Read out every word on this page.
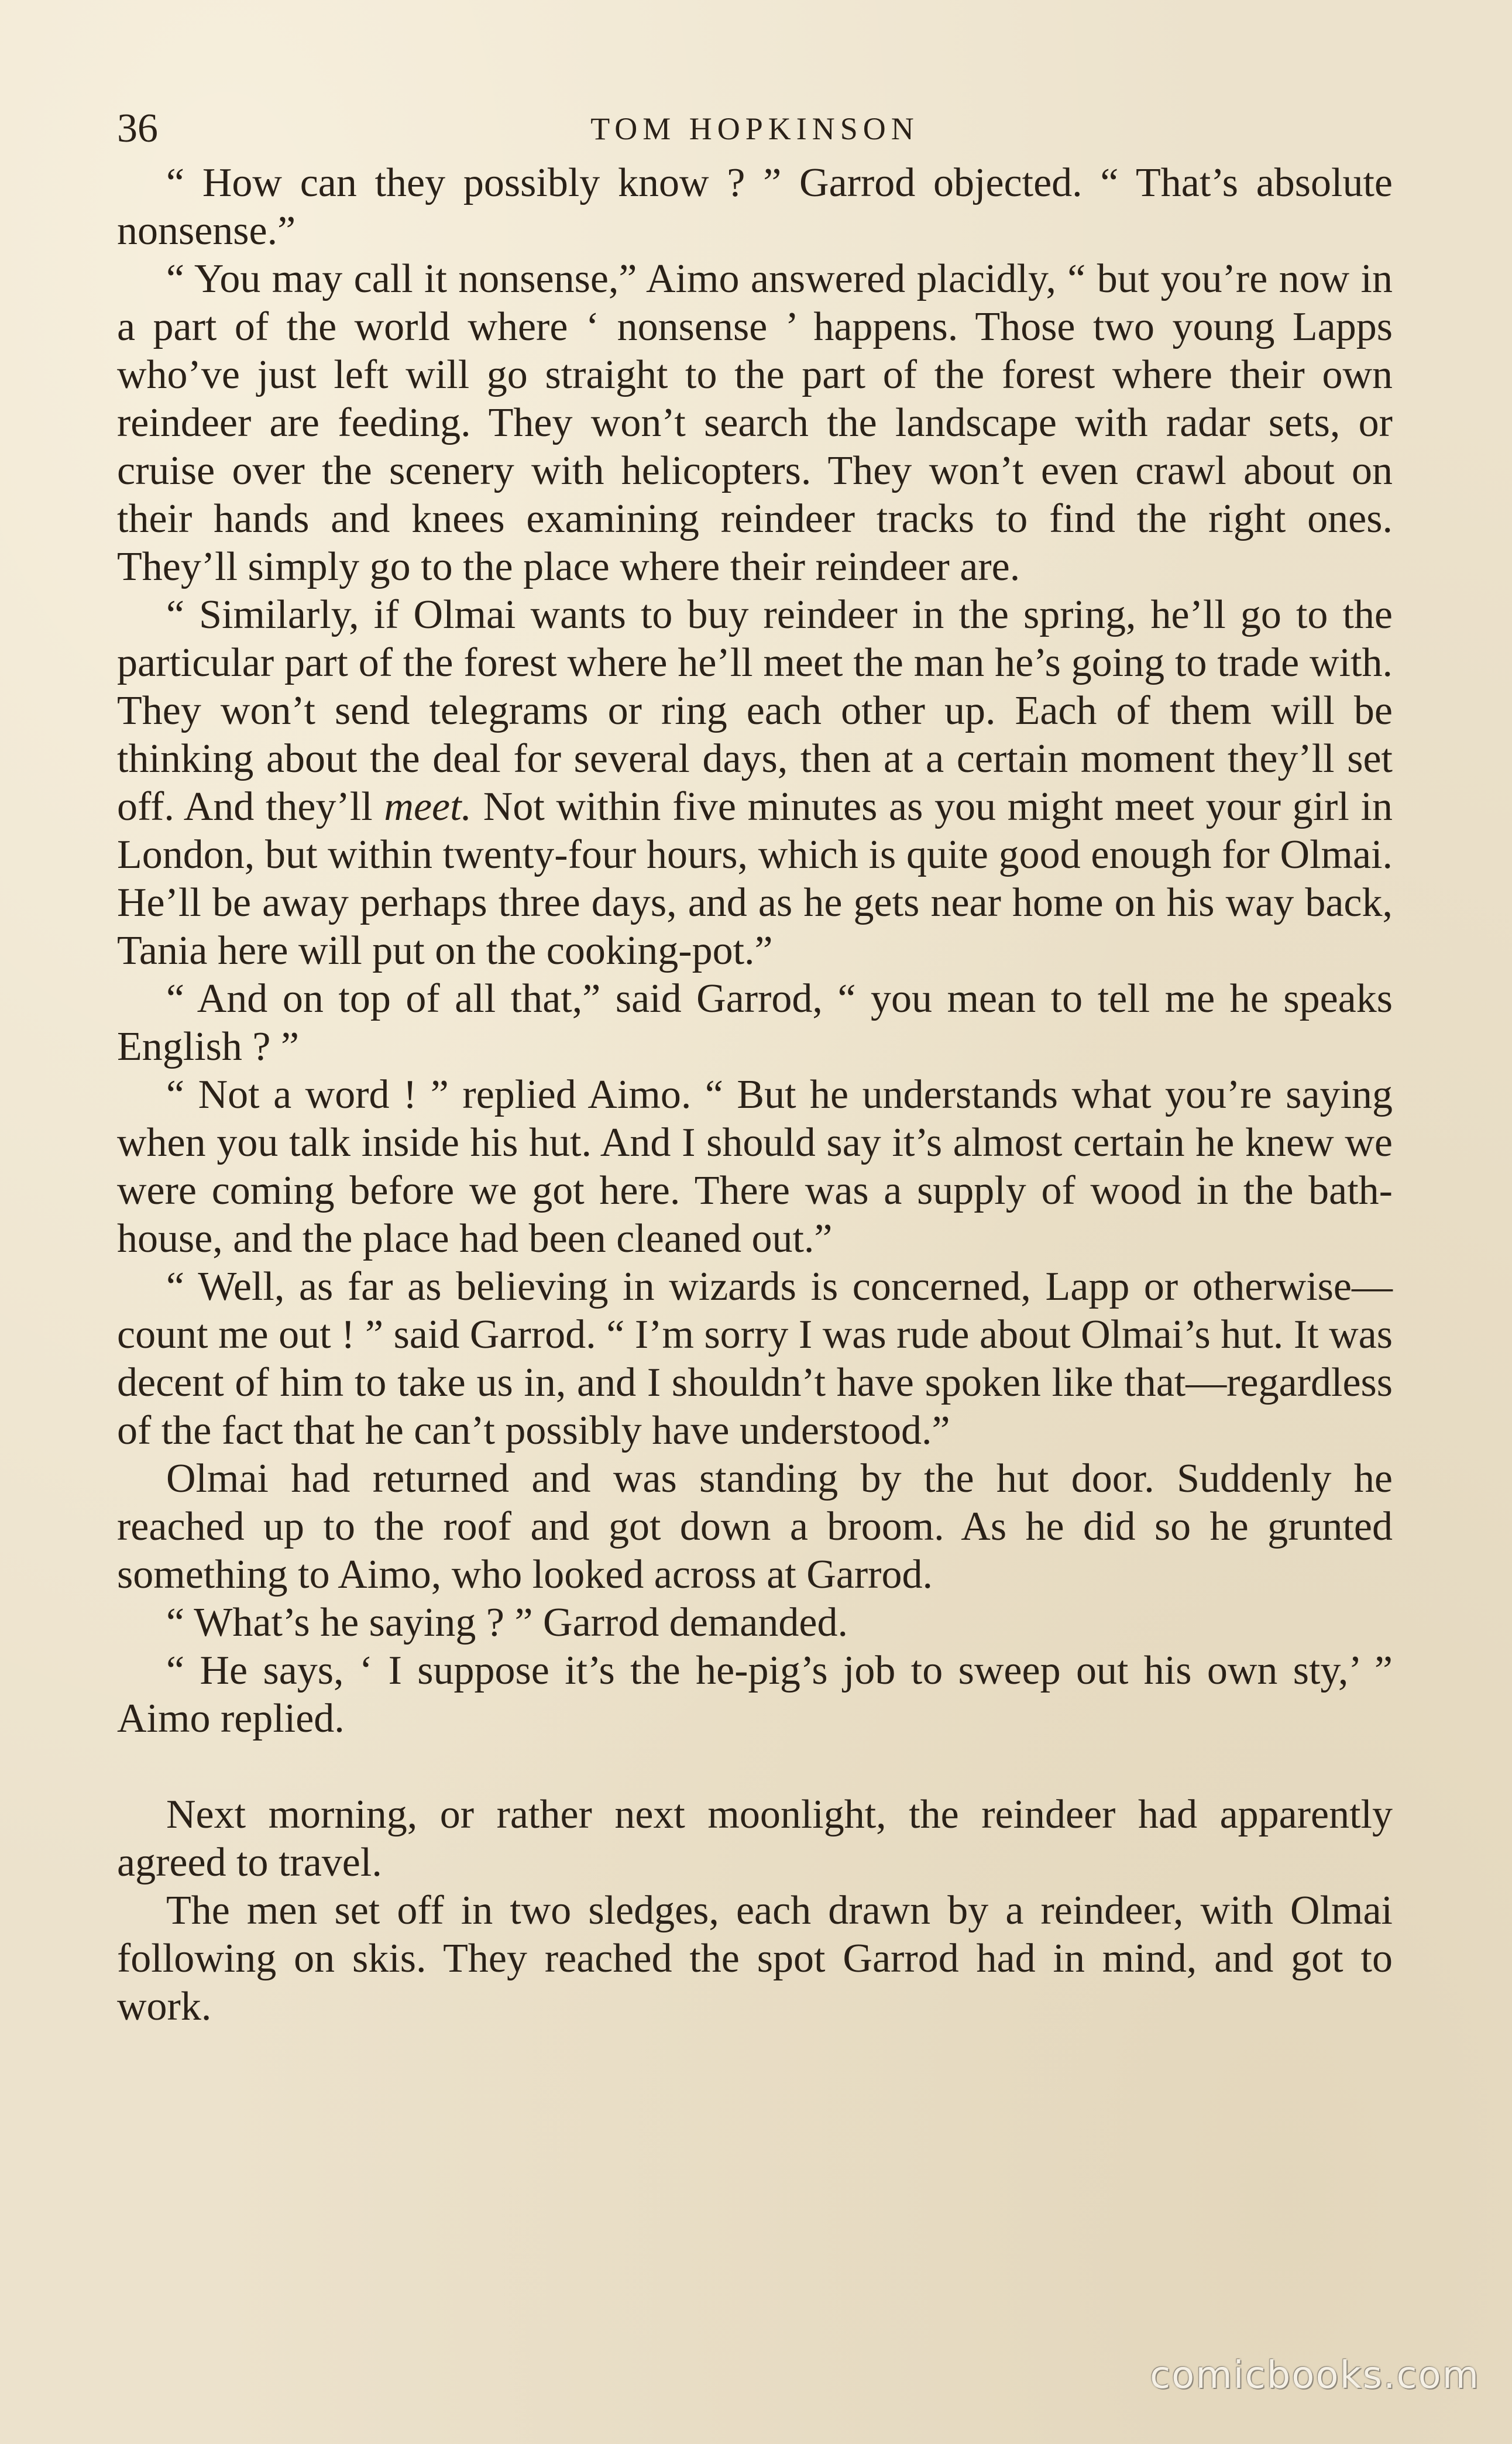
36	TOM HOPKINSON

“ How can they possibly know ? ” Garrod objected. “ That’s absolute nonsense.”

“ You may call it nonsense,” Aimo answered placidly, “ but you’re now in a part of the world where ‘ nonsense ’ happens. Those two young Lapps who’ve just left will go straight to the part of the forest where their own reindeer are feeding. They won’t search the landscape with radar sets, or cruise over the scenery with helicopters. They won’t even crawl about on their hands and knees examining reindeer tracks to find the right ones. They’ll simply go to the place where their reindeer are.

“ Similarly, if Olmai wants to buy reindeer in the spring, he’ll go to the particular part of the forest where he’ll meet the man he’s going to trade with. They won’t send telegrams or ring each other up. Each of them will be thinking about the deal for several days, then at a certain moment they’ll set off. And they’ll meet. Not within five minutes as you might meet your girl in London, but within twenty-four hours, which is quite good enough for Olmai. He’ll be away perhaps three days, and as he gets near home on his way back, Tania here will put on the cooking-pot.”

“ And on top of all that,” said Garrod, “ you mean to tell me he speaks English ? ”

“ Not a word ! ” replied Aimo. “ But he understands what you’re saying when you talk inside his hut. And I should say it’s almost certain he knew we were coming before we got here. There was a supply of wood in the bath-house, and the place had been cleaned out.”

“ Well, as far as believing in wizards is concerned, Lapp or otherwise—count me out ! ” said Garrod. “ I’m sorry I was rude about Olmai’s hut. It was decent of him to take us in, and I shouldn’t have spoken like that—regardless of the fact that he can’t possibly have understood.”

Olmai had returned and was standing by the hut door. Suddenly he reached up to the roof and got down a broom. As he did so he grunted something to Aimo, who looked across at Garrod.

“ What’s he saying ? ” Garrod demanded.

“ He says, ‘ I suppose it’s the he-pig’s job to sweep out his own sty,’ ” Aimo replied.

Next morning, or rather next moonlight, the reindeer had apparently agreed to travel.

The men set off in two sledges, each drawn by a reindeer, with Olmai following on skis. They reached the spot Garrod had in mind, and got to work.

comicbooks.com
